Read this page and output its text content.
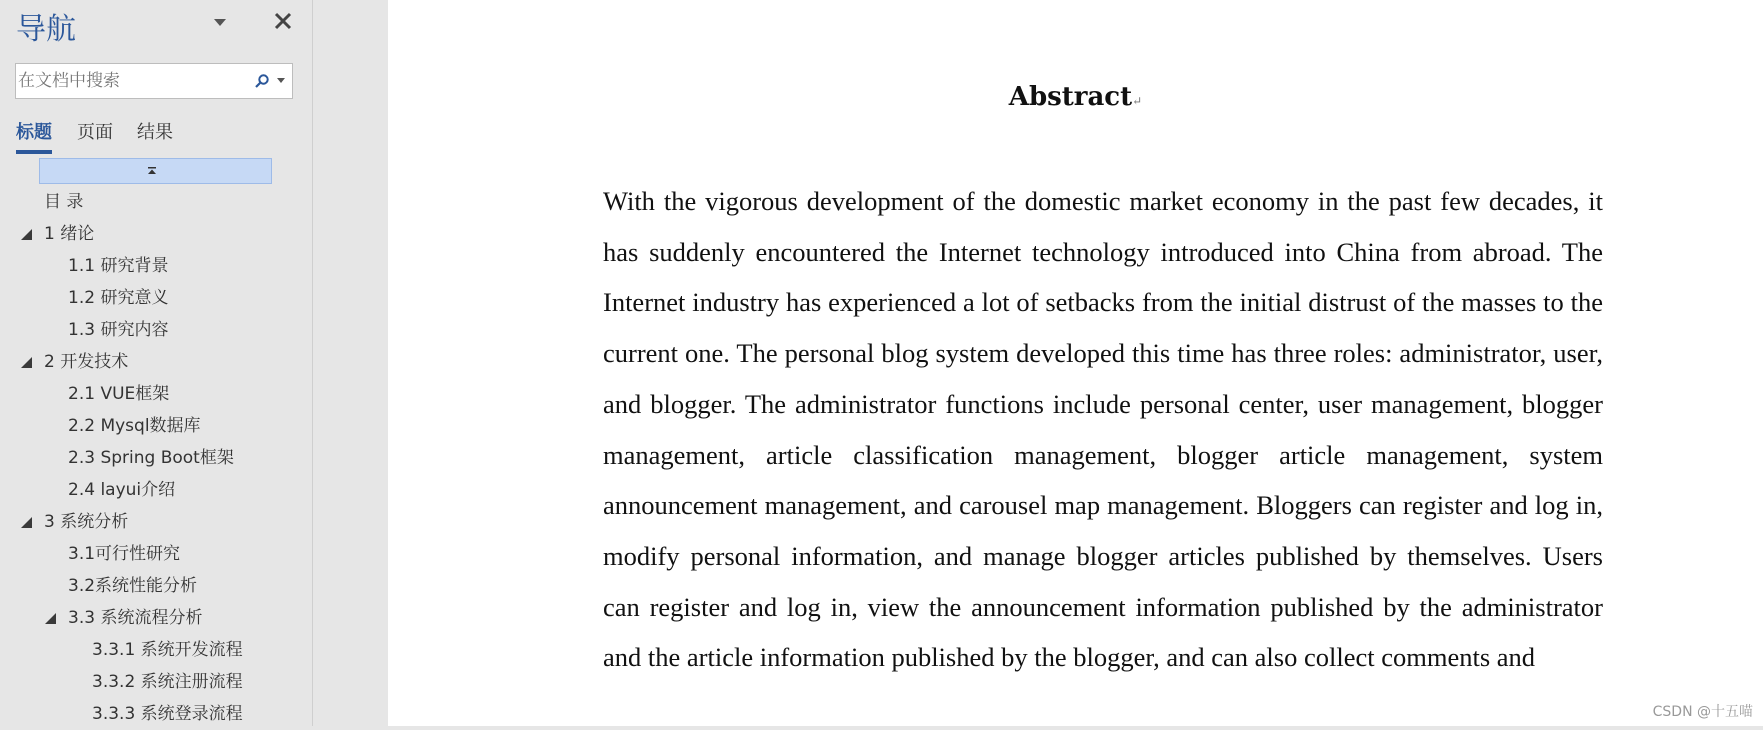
导航
在文档中搜索
标题 页面 结果
目 录
1 绪论
1.1 研究背景
1.2 研究意义
1.3 研究内容
2 开发技术
2.1 VUE框架
2.2 Mysql数据库
2.3 Spring Boot框架
2.4 layui介绍
3 系统分析
3.1可行性研究
3.2系统性能分析
3.3 系统流程分析
3.3.1 系统开发流程
3.3.2 系统注册流程
3.3.3 系统登录流程
Abstract↵
With the vigorous development of the domestic market economy in the past few decades, it has suddenly encountered the Internet technology introduced into China from abroad. The Internet industry has experienced a lot of setbacks from the initial distrust of the masses to the current one. The personal blog system developed this time has three roles: administrator, user, and blogger. The administrator functions include personal center, user management, blogger management, article classification management, blogger article management, system announcement management, and carousel map management. Bloggers can register and log in, modify personal information, and manage blogger articles published by themselves. Users can register and log in, view the announcement information published by the administrator and the article information published by the blogger, and can also collect comments and
CSDN @十五喵
